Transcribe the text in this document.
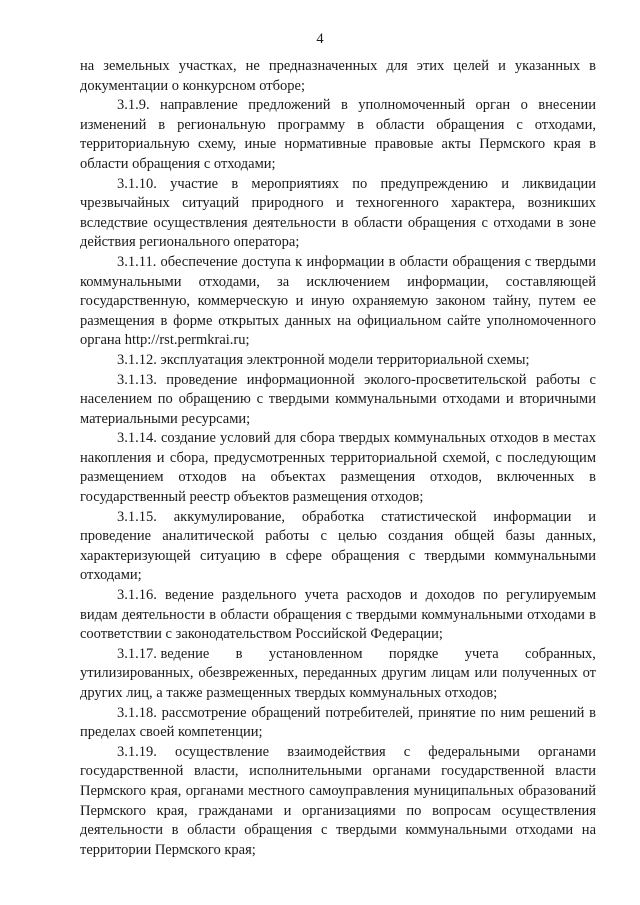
4

на земельных участках, не предназначенных для этих целей и указанных в документации о конкурсном отборе;

3.1.9. направление предложений в уполномоченный орган о внесении изменений в региональную программу в области обращения с отходами, территориальную схему, иные нормативные правовые акты Пермского края в области обращения с отходами;

3.1.10. участие в мероприятиях по предупреждению и ликвидации чрезвычайных ситуаций природного и техногенного характера, возникших вследствие осуществления деятельности в области обращения с отходами в зоне действия регионального оператора;

3.1.11. обеспечение доступа к информации в области обращения с твердыми коммунальными отходами, за исключением информации, составляющей государственную, коммерческую и иную охраняемую законом тайну, путем ее размещения в форме открытых данных на официальном сайте уполномоченного органа http://rst.permkrai.ru;

3.1.12. эксплуатация электронной модели территориальной схемы;

3.1.13. проведение информационной эколого-просветительской работы с населением по обращению с твердыми коммунальными отходами и вторичными материальными ресурсами;

3.1.14. создание условий для сбора твердых коммунальных отходов в местах накопления и сбора, предусмотренных территориальной схемой, с последующим размещением отходов на объектах размещения отходов, включенных в государственный реестр объектов размещения отходов;

3.1.15. аккумулирование, обработка статистической информации и проведение аналитической работы с целью создания общей базы данных, характеризующей ситуацию в сфере обращения с твердыми коммунальными отходами;

3.1.16. ведение раздельного учета расходов и доходов по регулируемым видам деятельности в области обращения с твердыми коммунальными отходами в соответствии с законодательством Российской Федерации;

3.1.17. ведение в установленном порядке учета собранных,
утилизированных, обезвреженных, переданных другим лицам или полученных от других лиц, а также размещенных твердых коммунальных отходов;

3.1.18. рассмотрение обращений потребителей, принятие по ним решений в пределах своей компетенции;

3.1.19. осуществление взаимодействия с федеральными органами государственной власти, исполнительными органами государственной власти Пермского края, органами местного самоуправления муниципальных образований Пермского края, гражданами и организациями по вопросам осуществления деятельности в области обращения с твердыми коммунальными отходами на территории Пермского края;
